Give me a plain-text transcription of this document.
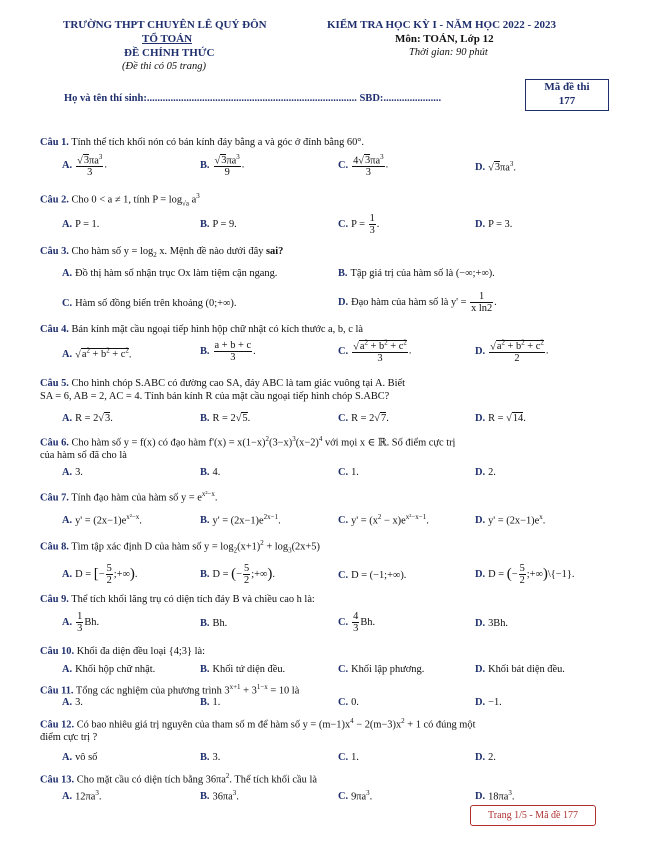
TRƯỜNG THPT CHUYÊN LÊ QUÝ ĐÔN
TỔ TOÁN
ĐỀ CHÍNH THỨC
(Đề thi có 05 trang)
KIỂM TRA HỌC KỲ I - NĂM HỌC 2022 - 2023
Môn: TOÁN, Lớp 12
Thời gian: 90 phút
Mã đề thi
177
Họ và tên thí sinh:................................................................................ SBD:......................
Câu 1. Tính thể tích khối nón có bán kính đáy bằng a và góc ở đỉnh bằng 60°.
A. $\frac{√3\pi a^3}{3}$ .	B. $\frac{√3\pi a^3}{9}$ .	C. $\frac{4√3\pi a^3}{3}$ .	D. $√3\pi a^3$.
Câu 2. Cho 0 < a ≠ 1, tính $P = \log_{√a} a^3$
A. P = 1.	B. P = 9.	C. $P = \frac{1}{3}$ .	D. P = 3.
Câu 3. Cho hàm số $y = \log_2 x$. Mệnh đề nào dưới đây sai?
A. Đồ thị hàm số nhận trục Ox làm tiệm cận ngang.	B. Tập giá trị của hàm số là (−∞;+∞).
C. Hàm số đồng biến trên khoảng (0;+∞).	D. Đạo hàm của hàm số là $y' = \frac{1}{\text{x ln2}}$ .
Câu 4. Bán kính mặt cầu ngoại tiếp hình hộp chữ nhật có kích thước a, b, c là
A. $√a^2 + b^2 + c^2$.	B. $\frac{a + b + c}{3}$ .	C. $\frac{√a^2 + b^2 + c^2}{3}$ .	D. $\frac{√a^2 + b^2 + c^2}{2}$ .
Câu 5. Cho hình chóp S.ABC có đường cao SA, đáy ABC là tam giác vuông tại A. Biết
SA = 6, AB = 2, AC = 4. Tính bán kính R của mặt cầu ngoại tiếp hình chóp S.ABC?
A. R = 2√3.	B. R = 2√5.	C. R = 2√7.	D. R = √14.
Câu 6. Cho hàm số y = f(x) có đạo hàm $f'(x) = x(1-x)^2(3-x)^3(x-2)^4$ với mọi x ∈ ℝ. Số điểm cực trị
của hàm số đã cho là
A. 3.	B. 4.	C. 1.	D. 2.
Câu 7. Tính đạo hàm của hàm số $y = e^{x^2-x}$.
A. $y' = (2x-1)e^{x^2-x}$.	B. $y' = (2x-1)e^{2x-1}$.	C. $y' = (x^2 - x)e^{x^2-x-1}$.	D. $y' = (2x-1)e^x$.
Câu 8. Tìm tập xác định D của hàm số $y = \log_2(x+1)^2 + \log_3(2x+5)$
A. D = [− $\frac{5}{2}$ ;+∞).	B. D = (− $\frac{5}{2}$ ;+∞).	C. D = (−1;+∞).	D. D = (− $\frac{5}{2}$ ;+∞)\{−1}.
Câu 9. Thể tích khối lăng trụ có diện tích đáy B và chiều cao h là:
A. $\frac{1}{3} Bh$.	B. Bh.	C. $\frac{4}{3} Bh$.	D. 3Bh.
Câu 10. Khối đa diện đều loại {4;3} là:
A. Khối hộp chữ nhật.	B. Khối tứ diện đều.	C. Khối lập phương.	D. Khối bát diện đều.
Câu 11. Tổng các nghiệm của phương trình $3^{x+1} + 3^{1-x} = 10$ là
A. 3.	B. 1.	C. 0.	D. −1.
Câu 12. Có bao nhiêu giá trị nguyên của tham số m để hàm số $y = (m-1)x^4 - 2(m-3)x^2 + 1$ có đúng một
điểm cực trị ?
A. vô số	B. 3.	C. 1.	D. 2.
Câu 13. Cho mặt cầu có diện tích bằng $36\pi a^2$. Thể tích khối cầu là
A. $12\pi a^3$.	B. $36\pi a^3$.	C. $9\pi a^3$.	D. $18\pi a^3$.
Trang 1/5 - Mã đề 177
